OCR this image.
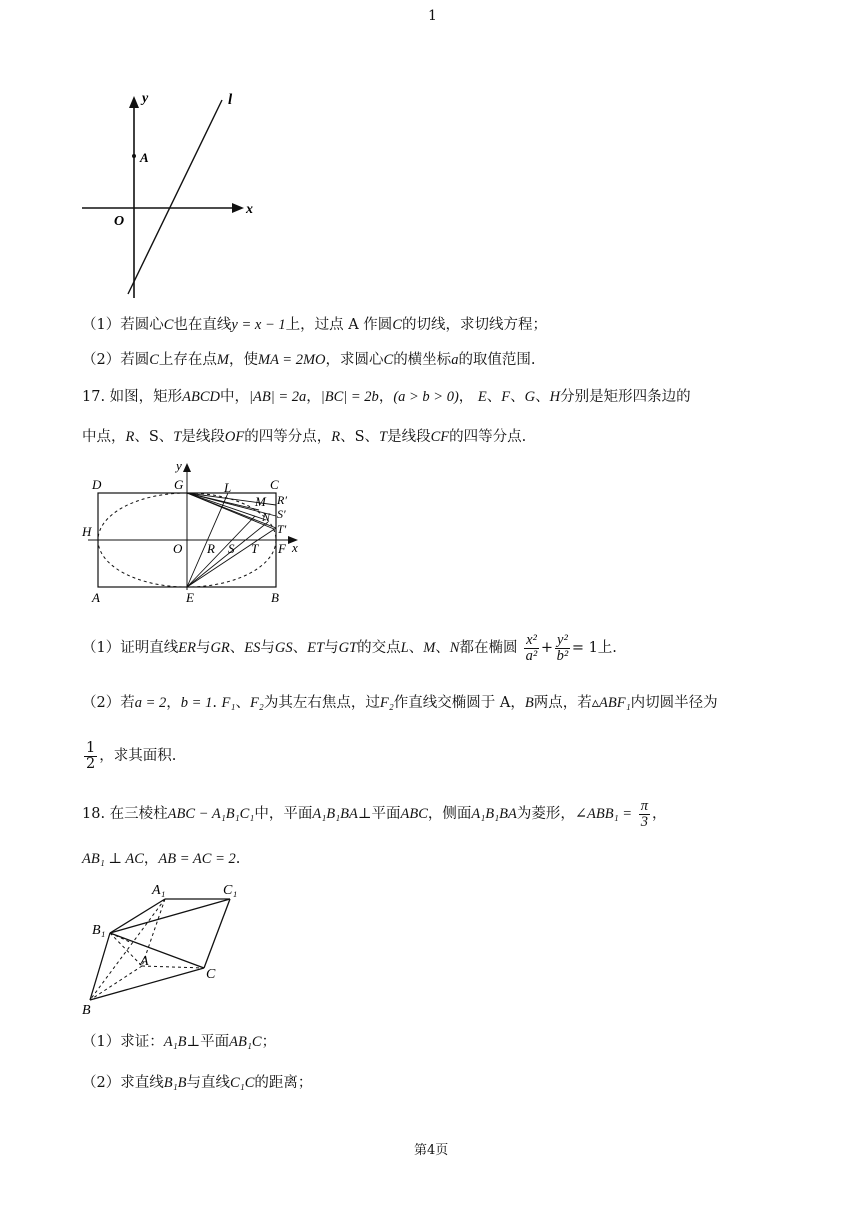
1
y	l
A
O
x
（1）若圆心C也在直线y = x − 1上，过点 A 作圆C的切线，求切线方程；
（2）若圆C上存在点M，使MA = 2MO，求圆心C的横坐标a的取值范围.
17. 如图，矩形ABCD中，|AB| = 2a，|BC| = 2b，(a > b > 0)， E、F、G、H分别是矩形四条边的
中点，R、S、T是线段OF的四等分点，R、S、T是线段CF的四等分点.
D	G	L	C
M R′
S′
N
T′
H
O R S T F x
y
A	E	B
（1）证明直线ER与GR、ES与GS、ET与GT的交点L、M、N都在椭圆 $\frac{\text{x²}}{\text{a²}} + \frac{\text{y²}}{\text{b²}} = 1$上.
（2）若a = 2，b = 1. F₁、F₂为其左右焦点，过F₂作直线交椭圆于 A，B两点，若▵ABF₁内切圆半径为
$\frac{1}{2}$ ，求其面积.
18. 在三棱柱ABC − A₁B₁C₁中，平面A₁B₁BA⊥平面ABC，侧面A₁B₁BA为菱形，∠ABB₁ = $\frac{\pi}{3}$ ，
AB₁ ⊥ AC，AB = AC = 2.
A₁	C₁
B₁
A
C
B
（1）求证：A₁B⊥平面AB₁C；
（2）求直线B₁B与直线C₁C的距离；
第4页
